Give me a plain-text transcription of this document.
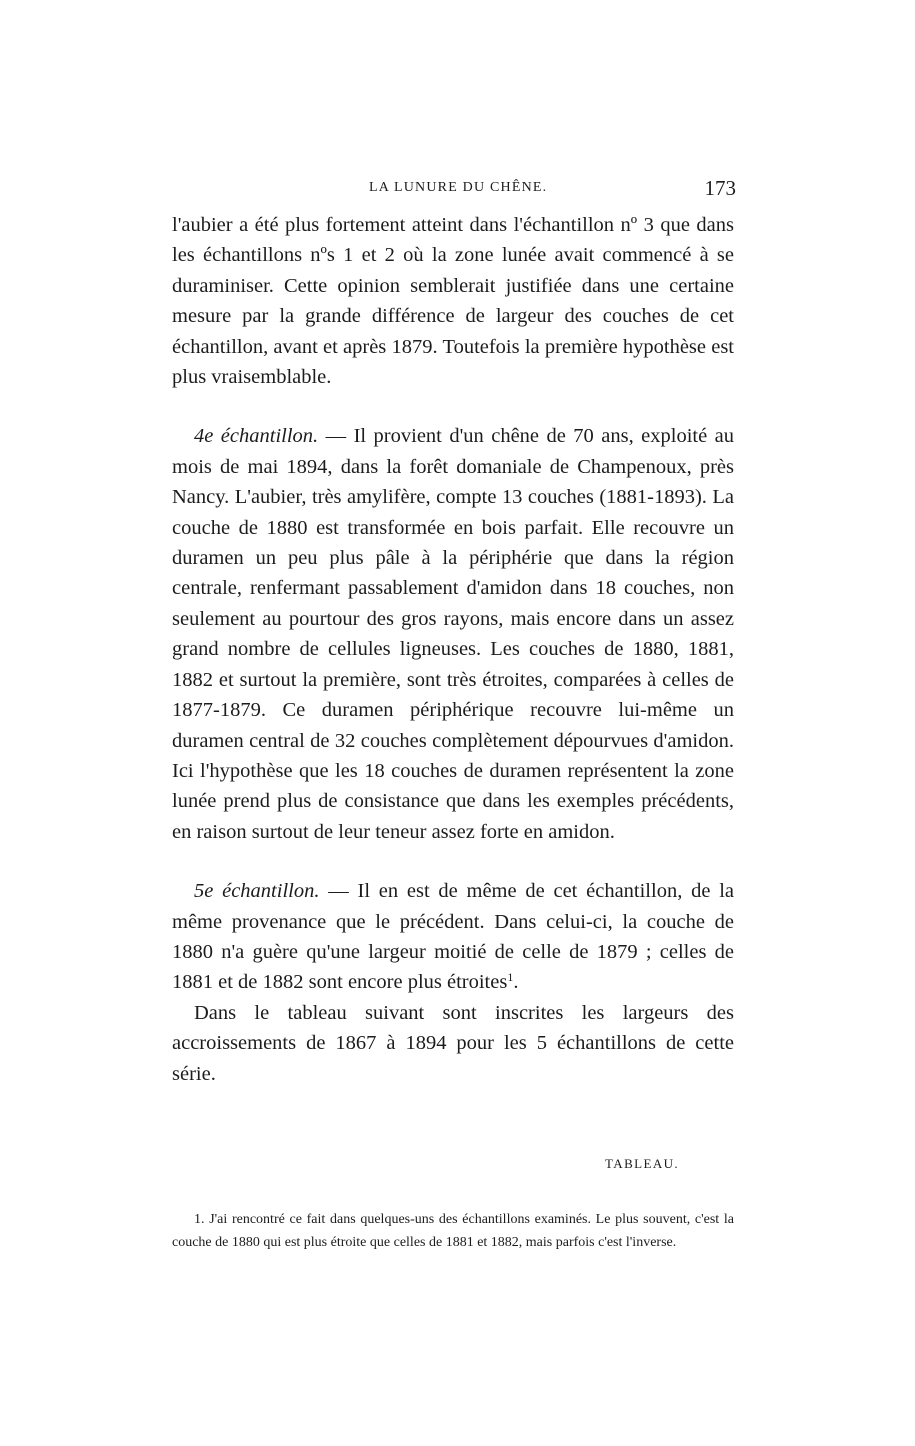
LA LUNURE DU CHÊNE.	173

l'aubier a été plus fortement atteint dans l'échantillon nº 3 que dans les échantillons nºs 1 et 2 où la zone lunée avait commencé à se duraminiser. Cette opinion semblerait justifiée dans une certaine mesure par la grande différence de largeur des couches de cet échantillon, avant et après 1879. Toutefois la première hypothèse est plus vraisemblable.

4e échantillon. — Il provient d'un chêne de 70 ans, exploité au mois de mai 1894, dans la forêt domaniale de Champenoux, près Nancy. L'aubier, très amylifère, compte 13 couches (1881-1893). La couche de 1880 est transformée en bois parfait. Elle recouvre un duramen un peu plus pâle à la périphérie que dans la région centrale, renfermant passablement d'amidon dans 18 couches, non seulement au pourtour des gros rayons, mais encore dans un assez grand nombre de cellules ligneuses. Les couches de 1880, 1881, 1882 et surtout la première, sont très étroites, comparées à celles de 1877-1879. Ce duramen périphérique recouvre lui-même un duramen central de 32 couches complètement dépourvues d'amidon. Ici l'hypothèse que les 18 couches de duramen représentent la zone lunée prend plus de consistance que dans les exemples précédents, en raison surtout de leur teneur assez forte en amidon.

5e échantillon. — Il en est de même de cet échantillon, de la même provenance que le précédent. Dans celui-ci, la couche de 1880 n'a guère qu'une largeur moitié de celle de 1879 ; celles de 1881 et de 1882 sont encore plus étroites$^1$.

Dans le tableau suivant sont inscrites les largeurs des accroissements de 1867 à 1894 pour les 5 échantillons de cette série.

TABLEAU.

1. J'ai rencontré ce fait dans quelques-uns des échantillons examinés. Le plus souvent, c'est la couche de 1880 qui est plus étroite que celles de 1881 et 1882, mais parfois c'est l'inverse.
